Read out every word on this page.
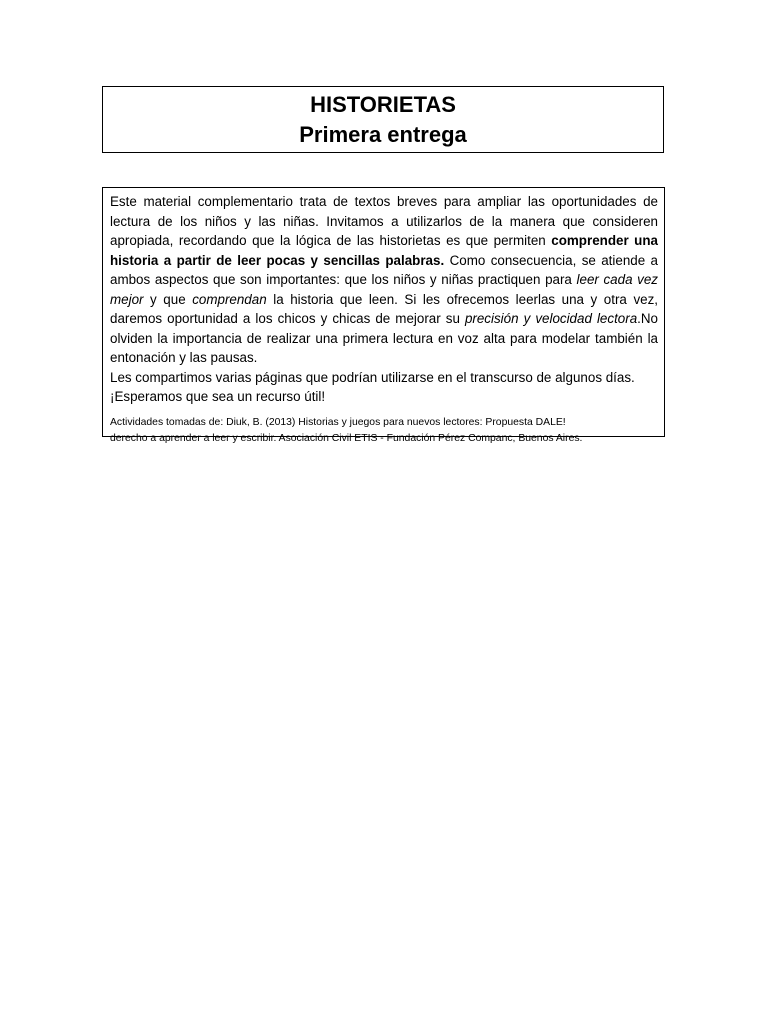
HISTORIETAS
Primera entrega

Este material complementario trata de textos breves para ampliar las oportunidades de lectura de los niños y las niñas. Invitamos a utilizarlos de la manera que consideren apropiada, recordando que la lógica de las historietas es que permiten comprender una historia a partir de leer pocas y sencillas palabras. Como consecuencia, se atiende a ambos aspectos que son importantes: que los niños y niñas practiquen para leer cada vez mejor y que comprendan la historia que leen. Si les ofrecemos leerlas una y otra vez, daremos oportunidad a los chicos y chicas de mejorar su precisión y velocidad lectora.No olviden la importancia de realizar una primera lectura en voz alta para modelar también la entonación y las pausas.

Les compartimos varias páginas que podrían utilizarse en el transcurso de algunos días.

¡Esperamos que sea un recurso útil!

Actividades tomadas de: Diuk, B. (2013) Historias y juegos para nuevos lectores: Propuesta DALE!
derecho a aprender a leer y escribir. Asociación Civil ETIS - Fundación Pérez Companc, Buenos Aires.
